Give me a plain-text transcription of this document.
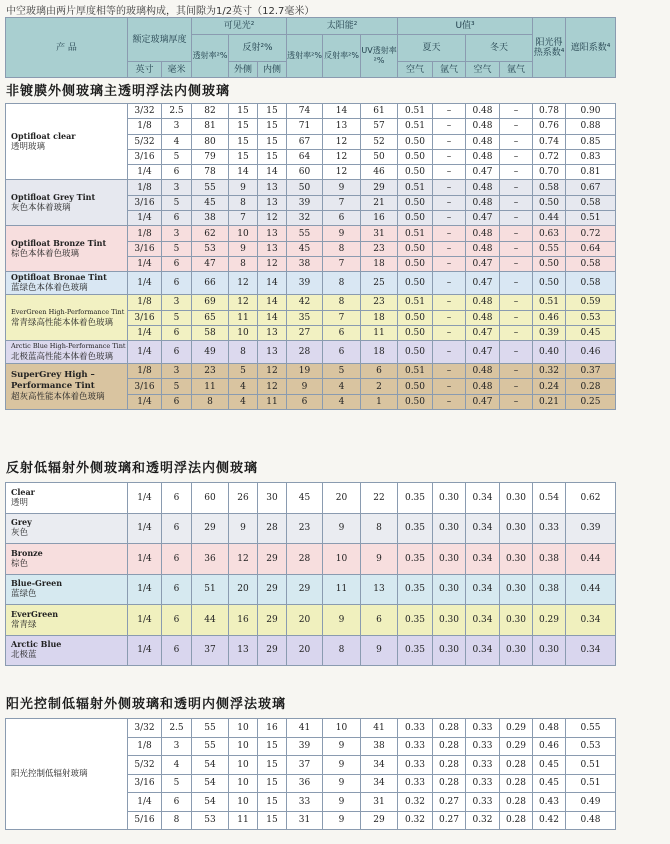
中空玻璃由两片厚度相等的玻璃构成，其间隙为1/2英寸（12.7毫米）
产 品	额定玻璃厚度		可见光²			太阳能²			U值³				阳光得热系数⁴	遮阳系数⁴
			透射率²%	反射²%		透射率²%	反射率²%	UV透射率²%	夏天		冬天			
	英寸	毫米		外侧	内侧				空气	氩气	空气	氩气		
非镀膜外侧玻璃主透明浮法内侧玻璃
Optifloat clear
透明玻璃	3/32	2.5	82	15	15	74	14	61	0.51	–	0.48	–	0.78	0.90
	1/8	3	81	15	15	71	13	57	0.51	–	0.48	–	0.76	0.88
	5/32	4	80	15	15	67	12	52	0.50	–	0.48	–	0.74	0.85
	3/16	5	79	15	15	64	12	50	0.50	–	0.48	–	0.72	0.83
	1/4	6	78	14	14	60	12	46	0.50	–	0.47	–	0.70	0.81

Optifloat Grey Tint
灰色本体着玻璃	1/8	3	55	9	13	50	9	29	0.51	–	0.48	–	0.58	0.67
	3/16	5	45	8	13	39	7	21	0.50	–	0.48	–	0.50	0.58
	1/4	6	38	7	12	32	6	16	0.50	–	0.47	–	0.44	0.51

Optifloat Bronze Tint
棕色本体着色玻璃	1/8	3	62	10	13	55	9	31	0.51	–	0.48	–	0.63	0.72
	3/16	5	53	9	13	45	8	23	0.50	–	0.48	–	0.55	0.64
	1/4	6	47	8	12	38	7	18	0.50	–	0.47	–	0.50	0.58

Optifloat Bronae Tint
蓝绿色本体着色玻璃	1/4	6	66	12	14	39	8	25	0.50	–	0.47	–	0.50	0.58

EverGreen High-Performance Tint
常青绿高性能本体着色玻璃	1/8	3	69	12	14	42	8	23	0.51	–	0.48	–	0.51	0.59
	3/16	5	65	11	14	35	7	18	0.50	–	0.48	–	0.46	0.53
	1/4	6	58	10	13	27	6	11	0.50	–	0.47	–	0.39	0.45

Arctic Blue High-Performance Tint
北极蓝高性能本体着色玻璃	1/4	6	49	8	13	28	6	18	0.50	–	0.47	–	0.40	0.46

SuperGrey High –Performance Tint
超灰高性能本体着色玻璃	1/8	3	23	5	12	19	5	6	0.51	–	0.48	–	0.32	0.37
	3/16	5	11	4	12	9	4	2	0.50	–	0.48	–	0.24	0.28
	1/4	6	8	4	11	6	4	1	0.50	–	0.47	–	0.21	0.25
反射低辐射外侧玻璃和透明浮法内侧玻璃
Clear
透明	1/4	6	60	26	30	45	20	22	0.35	0.30	0.34	0.30	0.54	0.62

Grey
灰色	1/4	6	29	9	28	23	9	8	0.35	0.30	0.34	0.30	0.33	0.39

Bronze
棕色	1/4	6	36	12	29	28	10	9	0.35	0.30	0.34	0.30	0.38	0.44

Blue-Green
蓝绿色	1/4	6	51	20	29	29	11	13	0.35	0.30	0.34	0.30	0.38	0.44

EverGreen
常青绿	1/4	6	44	16	29	20	9	6	0.35	0.30	0.34	0.30	0.29	0.34

Arctic Blue
北极蓝	1/4	6	37	13	29	20	8	9	0.35	0.30	0.34	0.30	0.30	0.34
阳光控制低辐射外侧玻璃和透明内侧浮法玻璃
阳光控制低辐射玻璃	3/32	2.5	55	10	16	41	10	41	0.33	0.28	0.33	0.29	0.48	0.55
	1/8	3	55	10	15	39	9	38	0.33	0.28	0.33	0.29	0.46	0.53
	5/32	4	54	10	15	37	9	34	0.33	0.28	0.33	0.28	0.45	0.51
	3/16	5	54	10	15	36	9	34	0.33	0.28	0.33	0.28	0.45	0.51
	1/4	6	54	10	15	33	9	31	0.32	0.27	0.33	0.28	0.43	0.49
	5/16	8	53	11	15	31	9	29	0.32	0.27	0.32	0.28	0.42	0.48
